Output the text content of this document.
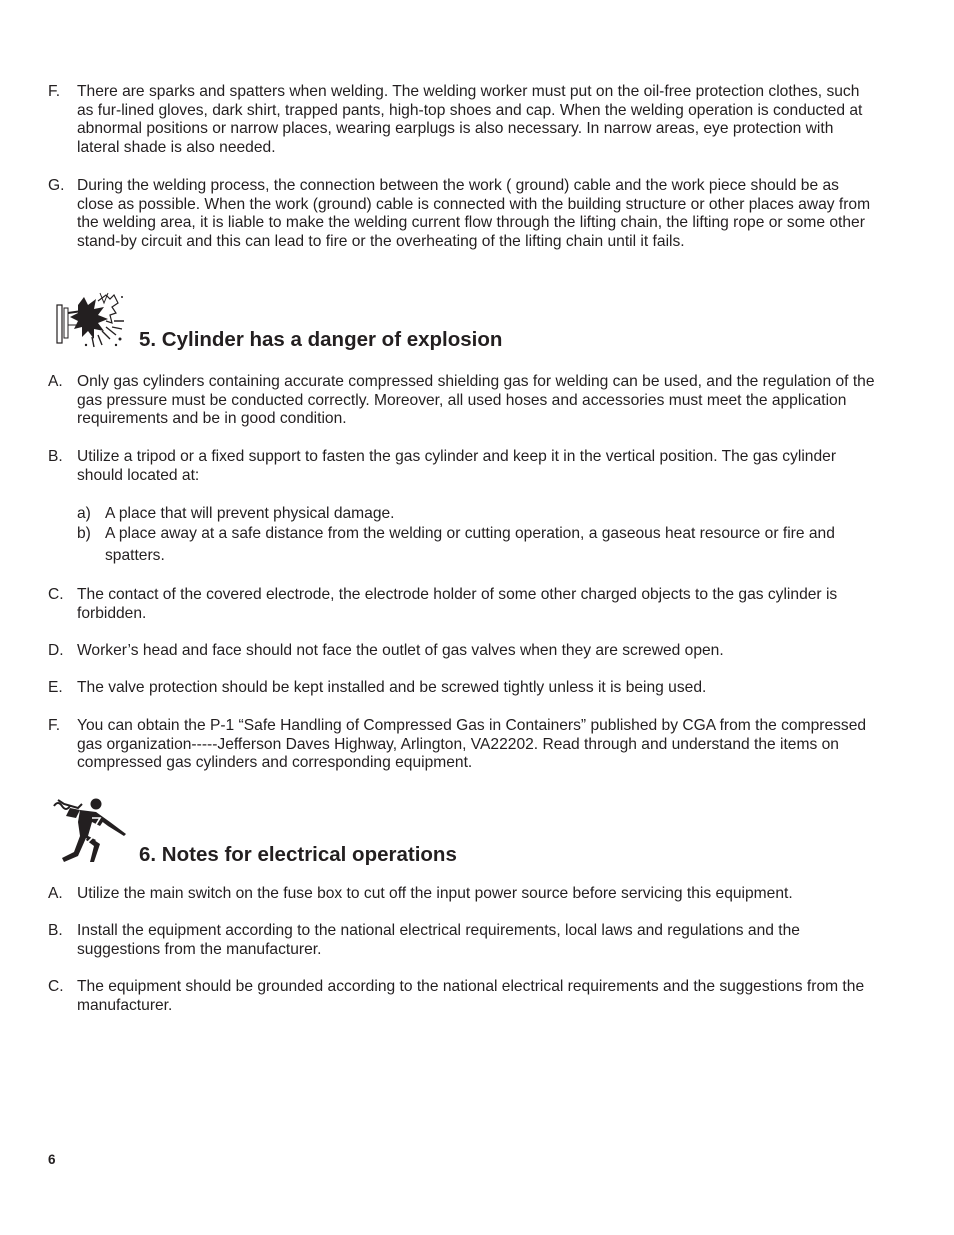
F. There are sparks and spatters when welding. The welding worker must put on the oil-free protection clothes, such as fur-lined gloves, dark shirt, trapped pants, high-top shoes and cap. When the welding operation is conducted at abnormal positions or narrow places, wearing earplugs is also necessary. In narrow areas, eye protection with lateral shade is also needed.
G. During the welding process, the connection between the work ( ground) cable and the work piece should be as close as possible. When the work (ground) cable is connected with the building structure or other places away from the welding area, it is liable to make the welding current flow through the lifting chain, the lifting rope or some other stand-by circuit and this can lead to fire or the overheating of the lifting chain until it fails.
5. Cylinder has a danger of explosion
A. Only gas cylinders containing accurate compressed shielding gas for welding can be used, and the regulation of the gas pressure must be conducted correctly. Moreover, all used hoses and accessories must meet the application requirements and be in good condition.
B. Utilize a tripod or a fixed support to fasten the gas cylinder and keep it in the vertical position. The gas cylinder should located at:
a) A place that will prevent physical damage.
b) A place away at a safe distance from the welding or cutting operation, a gaseous heat resource or fire and spatters.
C. The contact of the covered electrode, the electrode holder of some other charged objects to the gas cylinder is forbidden.
D. Worker’s head and face should not face the outlet of gas valves when they are screwed open.
E. The valve protection should be kept installed and be screwed tightly unless it is being used.
F. You can obtain the P-1 “Safe Handling of Compressed Gas in Containers” published by CGA from the compressed gas organization-----Jefferson Daves Highway, Arlington, VA22202. Read through and understand the items on compressed gas cylinders and corresponding equipment.
6. Notes for electrical operations
A. Utilize the main switch on the fuse box to cut off the input power source before servicing this equipment.
B. Install the equipment according to the national electrical requirements, local laws and regulations and the suggestions from the manufacturer.
C. The equipment should be grounded according to the national electrical requirements and the suggestions from the manufacturer.
6
